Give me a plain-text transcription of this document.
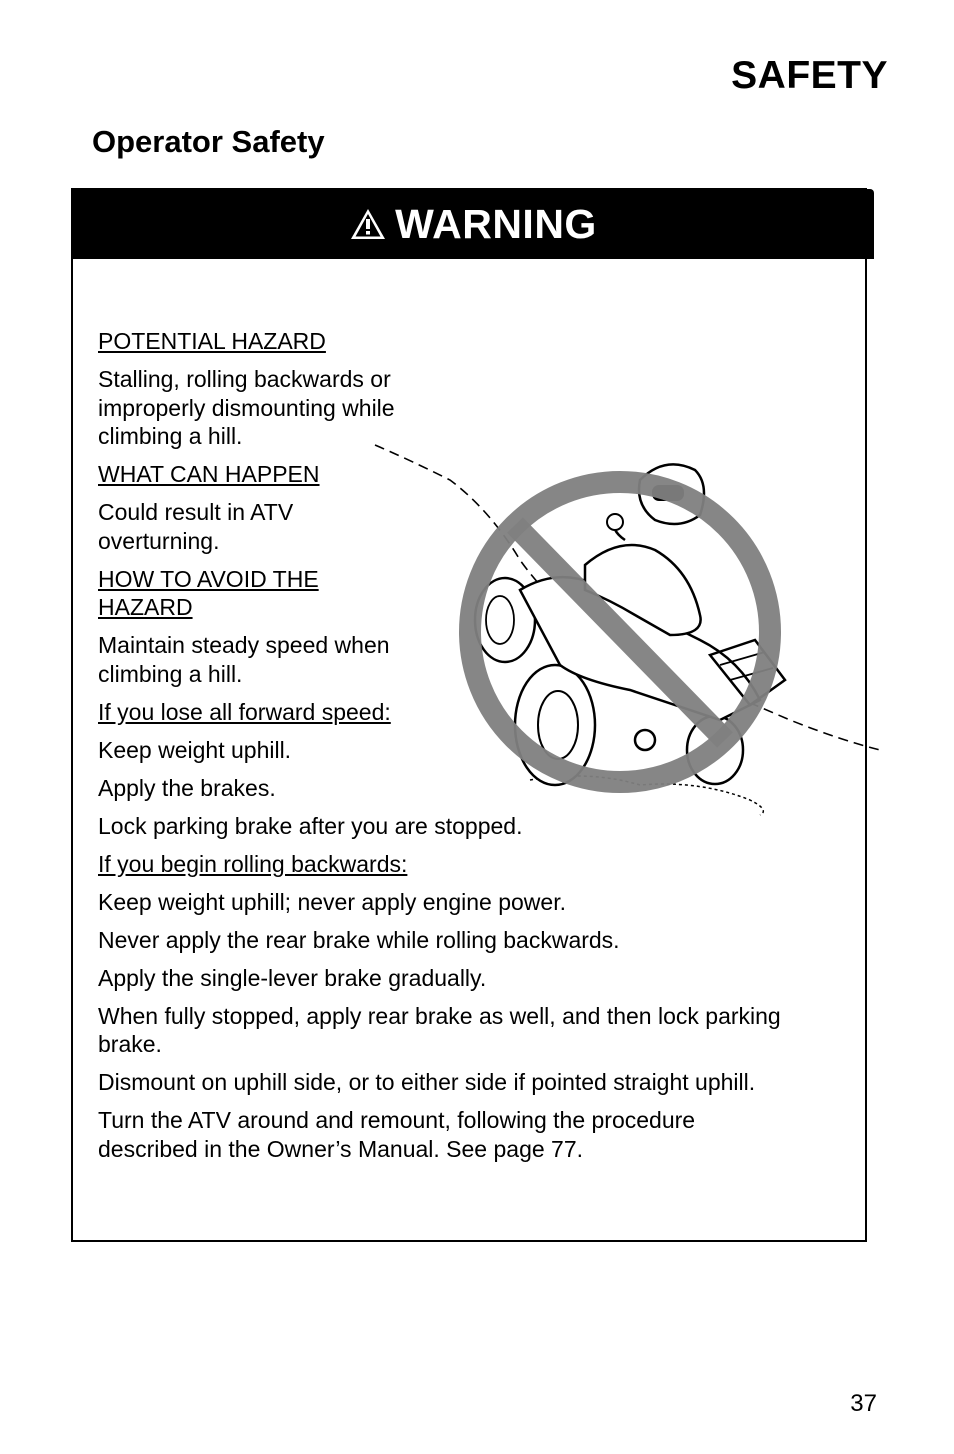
SAFETY
Operator Safety
WARNING

POTENTIAL HAZARD

Stalling, rolling backwards or improperly dismounting while climbing a hill.

WHAT CAN HAPPEN

Could result in ATV overturning.

HOW TO AVOID THE HAZARD

Maintain steady speed when climbing a hill.

If you lose all forward speed:

Keep weight uphill.

Apply the brakes.

Lock parking brake after you are stopped.

If you begin rolling backwards:

Keep weight uphill; never apply engine power.

Never apply the rear brake while rolling backwards.

Apply the single-lever brake gradually.

When fully stopped, apply rear brake as well, and then lock parking brake.

Dismount on uphill side, or to either side if pointed straight uphill.

Turn the ATV around and remount, following the procedure described in the Owner’s Manual. See page 77.

37
